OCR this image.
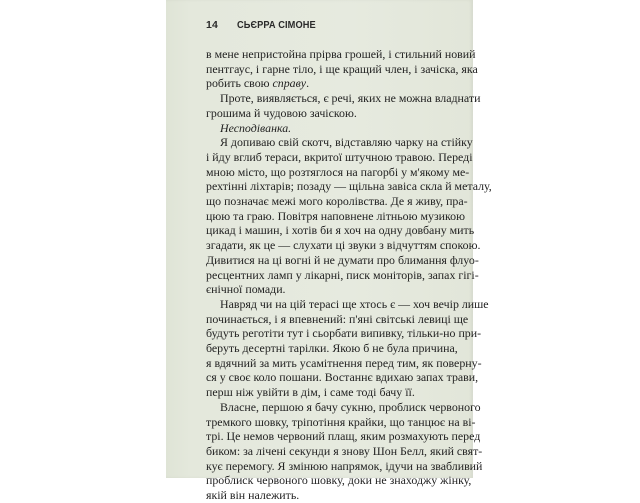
14 СЬЄРРА СІМОНЕ

в мене непристойна прірва грошей, і стильний новий
пентгаус, і гарне тіло, і ще кращий член, і зачіска, яка
робить свою справу.

Проте, виявляється, є речі, яких не можна владнати
грошима й чудовою зачіскою.

Несподіванка.

Я допиваю свій скотч, відставляю чарку на стійку
і йду вглиб тераси, вкритої штучною травою. Переді
мною місто, що розтяглося на пагорбі у м'якому ме-
рехтінні ліхтарів; позаду — щільна завіса скла й металу,
що позначає межі мого королівства. Де я живу, пра-
цюю та граю. Повітря наповнене літньою музикою
цикад і машин, і хотів би я хоч на одну довбану мить
згадати, як це — слухати ці звуки з відчуттям спокою.
Дивитися на ці вогні й не думати про блимання флуо-
ресцентних ламп у лікарні, писк моніторів, запах гігі-
єнічної помади.

Навряд чи на цій терасі ще хтось є — хоч вечір лише
починається, і я впевнений: п'яні світські левиці ще
будуть реготіти тут і сьорбати випивку, тільки-но при-
беруть десертні тарілки. Якою б не була причина,
я вдячний за мить усамітнення перед тим, як поверну-
ся у своє коло пошани. Востаннє вдихаю запах трави,
перш ніж увійти в дім, і саме тоді бачу її.

Власне, першою я бачу сукню, проблиск червоного
тремкого шовку, тріпотіння крайки, що танцює на ві-
трі. Це немов червоний плащ, яким розмахують перед
биком: за лічені секунди я знову Шон Белл, який свят-
кує перемогу. Я змінюю напрямок, ідучи на звабливий
проблиск червоного шовку, доки не знаходжу жінку,
якій він належить.
